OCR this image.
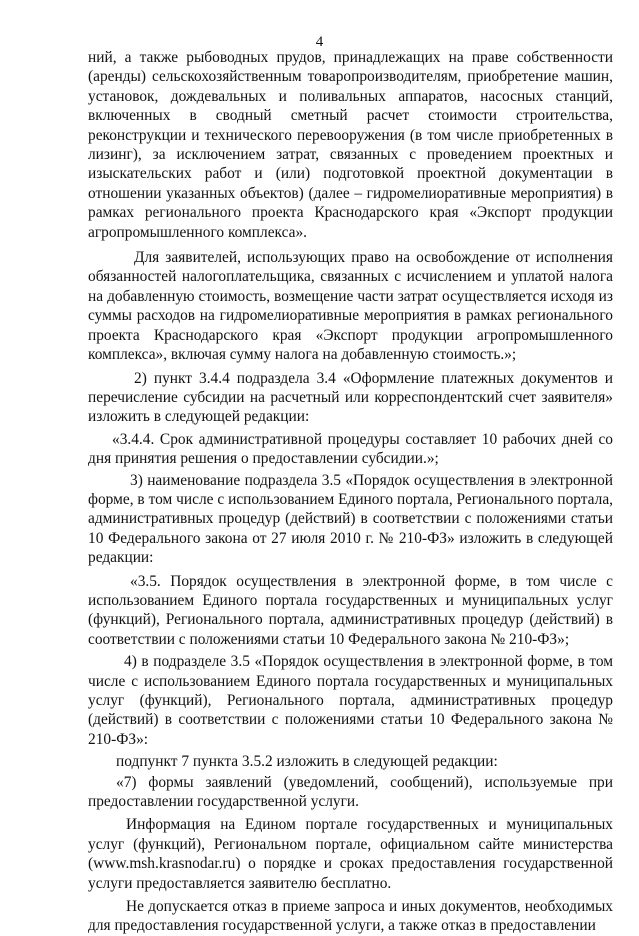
4

ний, а также рыбоводных прудов, принадлежащих на праве собственности (аренды) сельскохозяйственным товаропроизводителям, приобретение машин, установок, дождевальных и поливальных аппаратов, насосных станций, включенных в сводный сметный расчет стоимости строительства, реконструкции и технического перевооружения (в том числе приобретенных в лизинг), за исключением затрат, связанных с проведением проектных и изыскательских работ и (или) подготовкой проектной документации в отношении указанных объектов) (далее – гидромелиоративные мероприятия) в рамках регионального проекта Краснодарского края «Экспорт продукции агропромышленного комплекса».

Для заявителей, использующих право на освобождение от исполнения обязанностей налогоплательщика, связанных с исчислением и уплатой налога на добавленную стоимость, возмещение части затрат осуществляется исходя из суммы расходов на гидромелиоративные мероприятия в рамках регионального проекта Краснодарского края «Экспорт продукции агропромышленного комплекса», включая сумму налога на добавленную стоимость.»;

2) пункт 3.4.4 подраздела 3.4 «Оформление платежных документов и перечисление субсидии на расчетный или корреспондентский счет заявителя» изложить в следующей редакции:

«3.4.4. Срок административной процедуры составляет 10 рабочих дней со дня принятия решения о предоставлении субсидии.»;

3) наименование подраздела 3.5 «Порядок осуществления в электронной форме, в том числе с использованием Единого портала, Регионального портала, административных процедур (действий) в соответствии с положениями статьи 10 Федерального закона от 27 июля 2010 г. № 210-ФЗ» изложить в следующей редакции:

«3.5. Порядок осуществления в электронной форме, в том числе с использованием Единого портала государственных и муниципальных услуг (функций), Регионального портала, административных процедур (действий) в соответствии с положениями статьи 10 Федерального закона № 210-ФЗ»;

4) в подразделе 3.5 «Порядок осуществления в электронной форме, в том числе с использованием Единого портала государственных и муниципальных услуг (функций), Регионального портала, административных процедур (действий) в соответствии с положениями статьи 10 Федерального закона № 210-ФЗ»:

подпункт 7 пункта 3.5.2 изложить в следующей редакции:

«7) формы заявлений (уведомлений, сообщений), используемые при предоставлении государственной услуги.

Информация на Едином портале государственных и муниципальных услуг (функций), Региональном портале, официальном сайте министерства (www.msh.krasnodar.ru) о порядке и сроках предоставления государственной услуги предоставляется заявителю бесплатно.

Не допускается отказ в приеме запроса и иных документов, необходимых для предоставления государственной услуги, а также отказ в предоставлении
